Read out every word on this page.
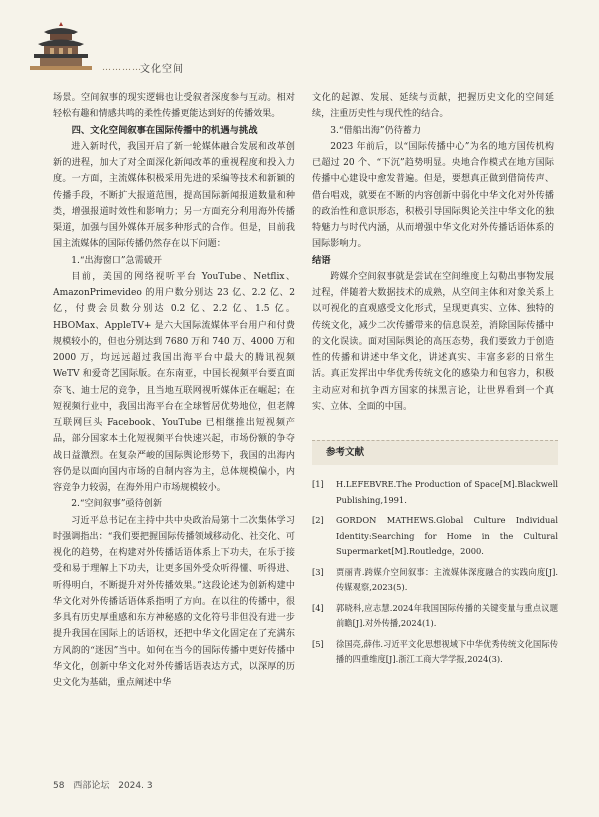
…………
文化空间

场景。空间叙事的现实逻辑也让受叙者深度参与互动。相对轻松有趣和情感共鸣的柔性传播更能达到好的传播效果。

四、文化空间叙事在国际传播中的机遇与挑战

进入新时代，我国开启了新一轮媒体融合发展和改革创新的进程，加大了对全面深化新闻改革的重视程度和投入力度。一方面，主流媒体积极采用先进的采编等技术和新颖的传播手段，不断扩大报道范围，提高国际新闻报道数量和种类，增强报道时效性和影响力；另一方面充分利用海外传播渠道，加强与国外媒体开展多种形式的合作。但是，目前我国主流媒体的国际传播仍然存在以下问题：

1.“出海窗口”急需破开

目前，美国的网络视听平台 YouTube、Netflix、AmazonPrimevideo 的用户数分别达 23 亿、2.2 亿、2 亿，付费会员数分别达 0.2 亿、2.2 亿、1.5 亿。HBOMax、AppleTV+ 是六大国际流媒体平台用户和付费规模较小的，但也分别达到 7680 万和 740 万、4000 万和 2000 万，均远远超过我国出海平台中最大的腾讯视频 WeTV 和爱奇艺国际版。在东南亚，中国长视频平台要直面奈飞、迪士尼的竞争，且当地互联网视听媒体正在崛起；在短视频行业中，我国出海平台在全球暂居优势地位，但老牌互联网巨头 Facebook、YouTube 已相继推出短视频产品，部分国家本土化短视频平台快速兴起，市场份额的争夺战日益激烈。在复杂严峻的国际舆论形势下，我国的出海内容仍是以面向国内市场的自制内容为主，总体规模偏小，内容竞争力较弱，在海外用户市场规模较小。

2.“空间叙事”亟待创新

习近平总书记在主持中共中央政治局第十二次集体学习时强调指出：“我们要把握国际传播领域移动化、社交化、可视化的趋势，在构建对外传播话语体系上下功夫，在乐于接受和易于理解上下功夫，让更多国外受众听得懂、听得进、听得明白，不断提升对外传播效果。”这段论述为创新构建中华文化对外传播话语体系指明了方向。在以往的传播中，很多具有历史厚重感和东方神秘感的文化符号非但没有进一步提升我国在国际上的话语权，还把中华文化固定在了充满东方风韵的“迷因”当中。如何在当今的国际传播中更好传播中华文化，创新中华文化对外传播话语表达方式，以深厚的历史文化为基础，重点阐述中华

文化的起源、发展、延续与贡献，把握历史文化的空间延续，注重历史性与现代性的结合。

3.“借船出海”仍待蓄力

2023 年前后，以“国际传播中心”为名的地方国传机构已超过 20 个、“下沉”趋势明显。央地合作模式在地方国际传播中心建设中愈发普遍。但是，要想真正做到借筒传声、借台唱戏，就要在不断的内容创新中弱化中华文化对外传播的政治性和意识形态，积极引导国际舆论关注中华文化的独特魅力与时代内涵，从而增强中华文化对外传播话语体系的国际影响力。

结语

跨媒介空间叙事就是尝试在空间维度上勾勒出事物发展过程，伴随着大数据技术的成熟，从空间主体和对象关系上以可视化的直观感受文化形式，呈现更真实、立体、独特的传统文化，减少二次传播带来的信息误差，消除国际传播中的文化误读。面对国际舆论的高压态势，我们要致力于创造性的传播和讲述中华文化，讲述真实、丰富多彩的日常生活。真正发挥出中华优秀传统文化的感染力和包容力，积极主动应对和抗争西方国家的抹黑言论，让世界看到一个真实、立体、全面的中国。

参考文献
[1] H.LEFEBVRE.The Production of Space[M].Blackwell Publishing,1991.
[2] GORDON MATHEWS.Global Culture Individual Identity:Searching for Home in the Cultural Supermarket[M].Routledge，2000.
[3] 贾丽青.跨媒介空间叙事：主流媒体深度融合的实践向度[J].传媒观察,2023(5).
[4] 郭晓科,应志慧.2024年我国国际传播的关键变量与重点议题前瞻[J].对外传播,2024(1).
[5] 徐国亮,薛伟.习近平文化思想视域下中华优秀传统文化国际传播的四重维度[J].浙江工商大学学报,2024(3).
58 西部论坛 2024. 3
